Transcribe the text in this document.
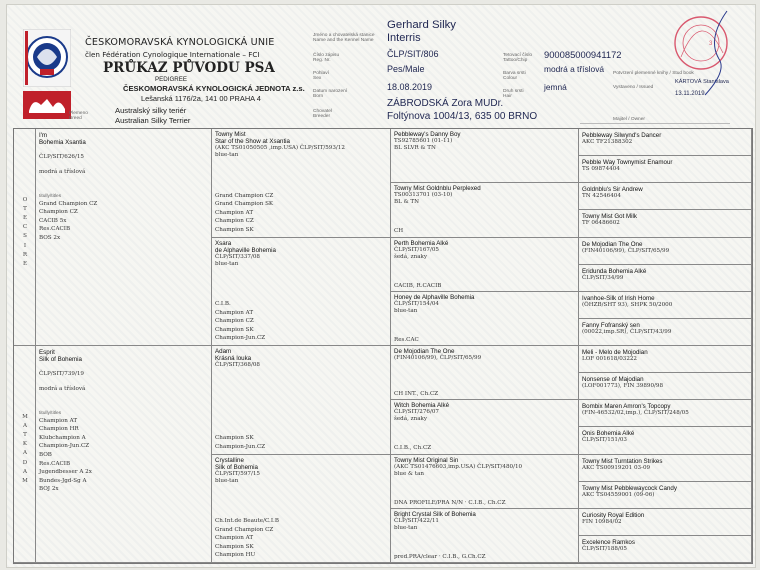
ČESKOMORAVSKÁ KYNOLOGICKÁ UNIE
člen Fédération Cynologique Internationale – FCI
PRŮKAZ PŮVODU PSA
PEDIGREE
ČESKOMORAVSKÁ KYNOLOGICKÁ JEDNOTA z.s.
Lešanská 1176/2a, 141 00 PRAHA 4
Plemeno
Breed
Australský silky teriér
Australian Silky Terrier
Jméno a chovatelská stanice
Name and the Kennel Name
Číslo zápisu
Reg. Nr.
Pohlaví
Sex
Datum narození
Born
Chovatel
Breeder
Gerhard Silky
Interris
ČLP/SIT/806
Pes/Male
18.08.2019
ZÁBRODSKÁ Zora MUDr.
Foltýnova 1004/13, 635 00 BRNO
Tetovací číslo
Tattoo/Chip
Barva srsti
Colour
Druh srsti
Hair
900085000941172
modrá a tříslová
jemná
Potvrzení plemenné knihy / Stud book
Vystaveno / Issued
KÁRTOVÁ Stanislava
13.11.2019
Majitel / Owner
3
O
T
E
C
S
I
R
E
M
A
T
K
A
D
A
M
I'm
Bohemia Xsantia
ČLP/SIT/626/15
modrá a tříslová
titully/titles
Grand Champion CZ
Champion CZ
CACIB 5x
Res.CACIB
BOS 2x
Esprit
Silk of Bohemia
ČLP/SIT/739/19
modrá a tříslová
titully/titles
Champion AT
Champion HR
Klubchampion A
Champion-Jun.CZ
BOB
Res.CACIB
Jugendbesser A 2x
Bundes-Jgd-Sg A
BOJ 2x
Towny Mist
Star of the Show at Xsantia
(AKC TS01050505 ,imp.USA) ČLP/SIT/593/12
blue-tan
Grand Champion CZ
Grand Champion SK
Champion AT
Champion CZ
Champion SK
Xsara
de Alphaville Bohemia
ČLP/SIT/337/08
blue-tan
C.I.B.
Champion AT
Champion CZ
Champion SK
Champion-Jun.CZ
Adam
Krásná louka
ČLP/SIT/368/08
Champion SK
Champion-Jun.CZ
Crystalline
Silk of Bohemia
ČLP/SIT/597/15
blue-tan
Ch.Int.de Beaute/C.I.B
Grand Champion CZ
Champion AT
Champion SK
Champion HU
Pebbleway's Danny Boy
TS92785601 (01-11)
BL SLVR & TN
Towny Mist Goldnblu Perplexed
TS00313701 (03-10)
BL & TN
CH
Perth Bohemia Alké
ČLP/SIT/167/05
šedá, znaky
CACIB, R.CACIB
Honey de Alphaville Bohemia
ČLP/SIT/154/04
blue-tan
Res.CAC
De Mojodian The One
(FIN40106/99), ČLP/SIT/65/99
CH INT., Ch.CZ
Witch Bohemia Alké
ČLP/SIT/276/07
šedá, znaky
C.I.B., Ch.CZ
Towny Mist Original Sin
(AKC TS01476603,imp.USA) ČLP/SIT/480/10
blue & tan
DNA PROFILE/PRA N/N · C.I.B., Ch.CZ
Bright Crystal Silk of Bohemia
ČLP/SIT/422/11
blue-tan
pred.PRA/clear · C.I.B., G.Ch.CZ
Pebbleway Silwynd's Dancer
AKC TF21388302
Pebble Way Townymist Enamour
TS 09874404
Goldnblu's Sir Andrew
TN 42546404
Towny Mist Got Milk
TF 06486602
De Mojodian The One
(FIN40106/99), ČLP/SIT/65/99
Eridunda Bohemia Alké
ČLP/SIT/34/99
Ivanhoe-Silk of Irish Home
(ÖHZB/SHT 93), SHPK 50/2000
Fanny Fofranský sen
(00022,imp.SR), ČLP/SIT/43/99
Meli - Melo de Mojodian
LOF 001618/03222
Nonsense of Majodian
(LOF001773), FIN 39890/98
Bombix Maren Amron's Topcopy
(FIN-46532/02,imp.), ČLP/SIT/248/05
Onis Bohemia Alké
ČLP/SIT/151/03
Towny Mist Turntation Strikes
AKC TS00919201 03-09
Towny Mist Pebblewaycock Candy
AKC TS04559001 (09-06)
Curiosity Royal Edition
FIN 10984/02
Excelence Ramkos
ČLP/SIT/188/05
